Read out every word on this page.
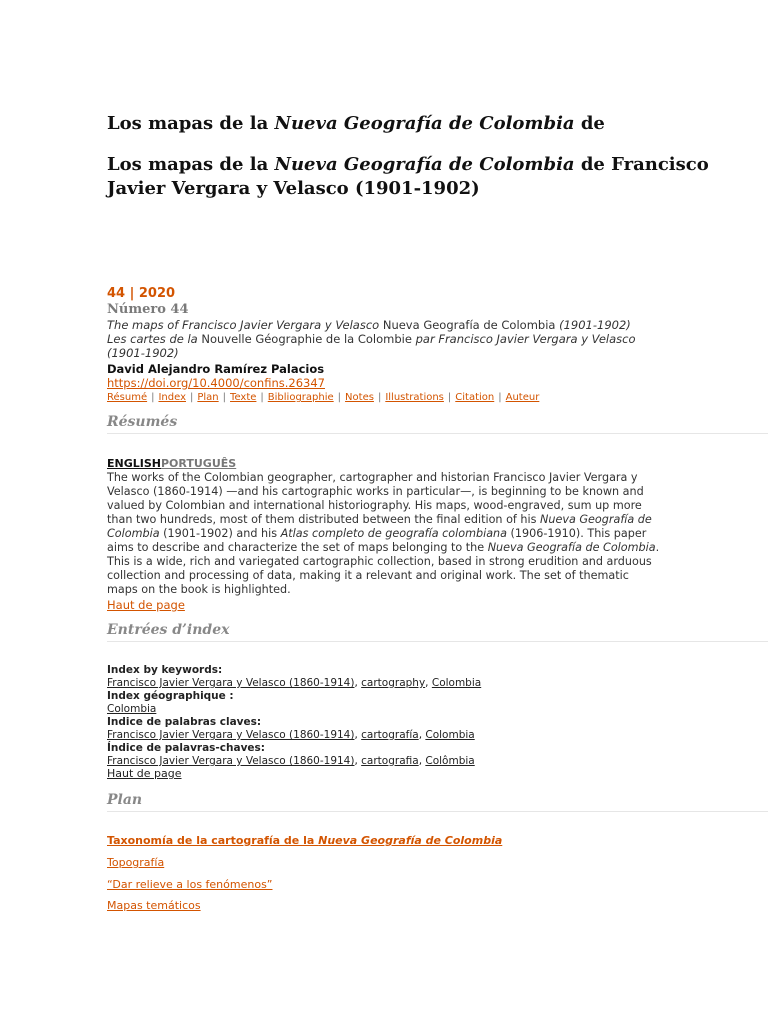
Los mapas de la Nueva Geografía de Colombia de
Los mapas de la Nueva Geografía de Colombia de Francisco Javier Vergara y Velasco (1901-1902)
44 | 2020
Número 44
The maps of Francisco Javier Vergara y Velasco Nueva Geografía de Colombia (1901-1902)
Les cartes de la Nouvelle Géographie de la Colombie par Francisco Javier Vergara y Velasco (1901-1902)
David Alejandro Ramírez Palacios
https://doi.org/10.4000/confins.26347
Résumé | Index | Plan | Texte | Bibliographie | Notes | Illustrations | Citation | Auteur
Résumés
ENGLISHPORTUGUÊS
The works of the Colombian geographer, cartographer and historian Francisco Javier Vergara y Velasco (1860-1914) —and his cartographic works in particular—, is beginning to be known and valued by Colombian and international historiography. His maps, wood-engraved, sum up more than two hundreds, most of them distributed between the final edition of his Nueva Geografía de Colombia (1901-1902) and his Atlas completo de geografía colombiana (1906-1910). This paper aims to describe and characterize the set of maps belonging to the Nueva Geografía de Colombia. This is a wide, rich and variegated cartographic collection, based in strong erudition and arduous collection and processing of data, making it a relevant and original work. The set of thematic maps on the book is highlighted.
Haut de page
Entrées d’index
Index by keywords:
Francisco Javier Vergara y Velasco (1860-1914), cartography, Colombia
Index géographique :
Colombia
Indice de palabras claves:
Francisco Javier Vergara y Velasco (1860-1914), cartografía, Colombia
Índice de palavras-chaves:
Francisco Javier Vergara y Velasco (1860-1914), cartografia, Colômbia
Haut de page
Plan
Taxonomía de la cartografía de la Nueva Geografía de Colombia
Topografía
“Dar relieve a los fenómenos”
Mapas temáticos
